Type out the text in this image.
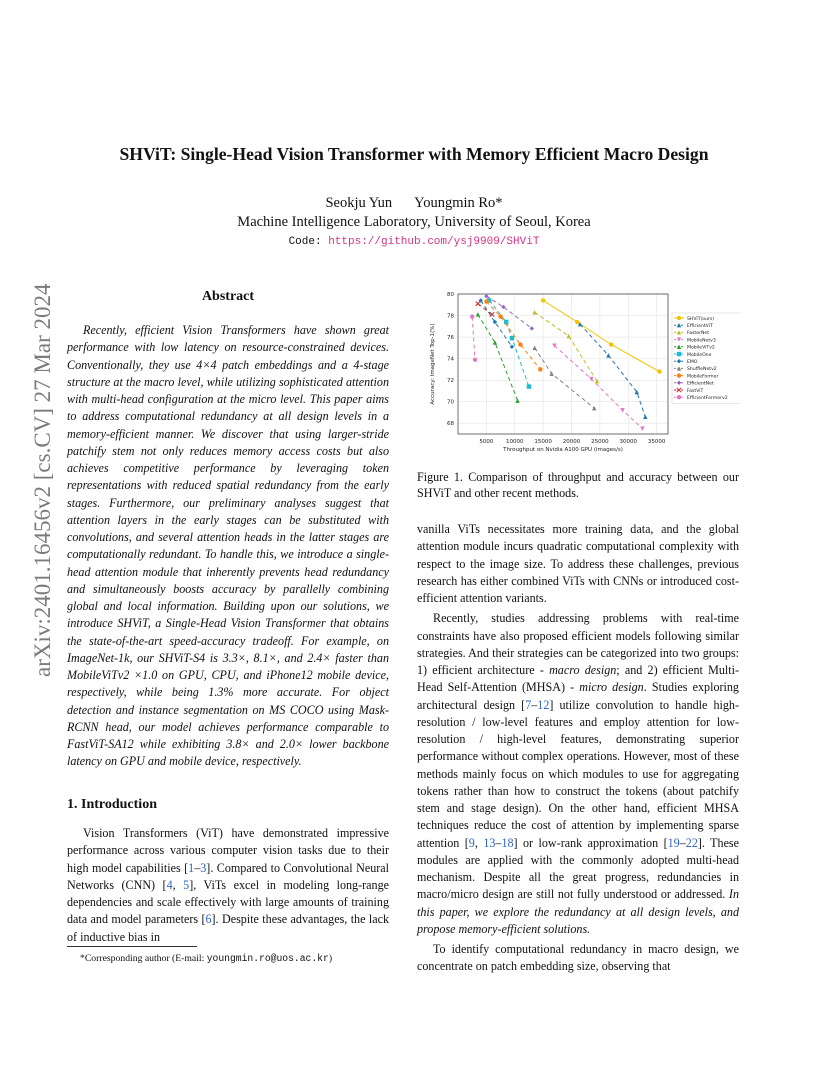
SHViT: Single-Head Vision Transformer with Memory Efficient Macro Design
Seokju Yun Youngmin Ro*
Machine Intelligence Laboratory, University of Seoul, Korea
Code: https://github.com/ysj9909/SHViT
arXiv:2401.16456v2 [cs.CV] 27 Mar 2024	Abstract
Recently, efficient Vision Transformers have shown great performance with low latency on resource-constrained devices. Conventionally, they use 4×4 patch embeddings and a 4-stage structure at the macro level, while utilizing sophisticated attention with multi-head configuration at the micro level. This paper aims to address computational redundancy at all design levels in a memory-efficient manner. We discover that using larger-stride patchify stem not only reduces memory access costs but also achieves competitive performance by leveraging token representations with reduced spatial redundancy from the early stages. Furthermore, our preliminary analyses suggest that attention layers in the early stages can be substituted with convolutions, and several attention heads in the latter stages are computationally redundant. To handle this, we introduce a single-head attention module that inherently prevents head redundancy and simultaneously boosts accuracy by parallelly combining global and local information. Building upon our solutions, we introduce SHViT, a Single-Head Vision Transformer that obtains the state-of-the-art speed-accuracy tradeoff. For example, on ImageNet-1k, our SHViT-S4 is 3.3×, 8.1×, and 2.4× faster than MobileViTv2 ×1.0 on GPU, CPU, and iPhone12 mobile device, respectively, while being 1.3% more accurate. For object detection and instance segmentation on MS COCO using Mask-RCNN head, our model achieves performance comparable to FastViT-SA12 while exhibiting 3.8× and 2.0× lower backbone latency on GPU and mobile device, respectively.
1. Introduction
Vision Transformers (ViT) have demonstrated impressive performance across various computer vision tasks due to their high model capabilities [1–3]. Compared to Convolutional Neural Networks (CNN) [4, 5], ViTs excel in modeling long-range dependencies and scale effectively with large amounts of training data and model parameters [6]. Despite these advantages, the lack of inductive bias in
*Corresponding author (E-mail: youngmin.ro@uos.ac.kr)
5000 10000 15000 20000 25000 30000 35000
68
70
72
74
76
78
80
Throughput on Nvidia A100 GPU (images/s)
Accuracy: ImageNet Top-1(%)
SHViT(ours)
EfficientViT
FasterNet
MobileNetv3
MobileViTv2
MobileOne
EMO
ShuffleNetv2
MobileFormer
EfficientNet
FastViT
EfficientFormerv2
Figure 1. Comparison of throughput and accuracy between our SHViT and other recent methods.

vanilla ViTs necessitates more training data, and the global attention module incurs quadratic computational complexity with respect to the image size. To address these challenges, previous research has either combined ViTs with CNNs or introduced cost-efficient attention variants.

Recently, studies addressing problems with real-time constraints have also proposed efficient models following similar strategies. And their strategies can be categorized into two groups: 1) efficient architecture - macro design; and 2) efficient Multi-Head Self-Attention (MHSA) - micro design. Studies exploring architectural design [7–12] utilize convolution to handle high-resolution / low-level features and employ attention for low-resolution / high-level features, demonstrating superior performance without complex operations. However, most of these methods mainly focus on which modules to use for aggregating tokens rather than how to construct the tokens (about patchify stem and stage design). On the other hand, efficient MHSA techniques reduce the cost of attention by implementing sparse attention [9, 13–18] or low-rank approximation [19–22]. These modules are applied with the commonly adopted multi-head mechanism. Despite all the great progress, redundancies in macro/micro design are still not fully understood or addressed. In this paper, we explore the redundancy at all design levels, and propose memory-efficient solutions.

To identify computational redundancy in macro design, we concentrate on patch embedding size, observing that
